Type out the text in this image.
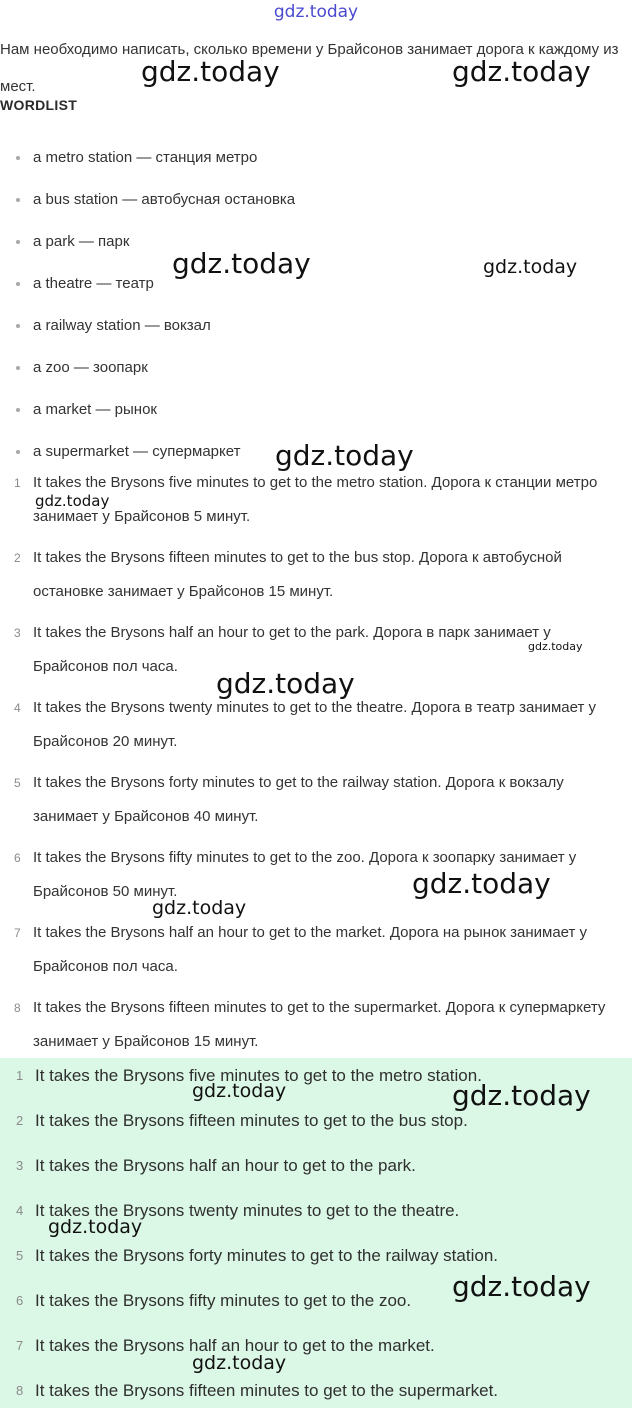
gdz.today
Нам необходимо написать, сколько времени у Брайсонов занимает дорога к каждому из мест.
WORDLIST
a metro station — станция метро
a bus station — автобусная остановка
a park — парк
a theatre — театр
a railway station — вокзал
a zoo — зоопарк
a market — рынок
a supermarket — супермаркет
1 It takes the Brysons five minutes to get to the metro station. Дорога к станции метро занимает у Брайсонов 5 минут.
2 It takes the Brysons fifteen minutes to get to the bus stop. Дорога к автобусной остановке занимает у Брайсонов 15 минут.
3 It takes the Brysons half an hour to get to the park. Дорога в парк занимает у Брайсонов пол часа.
4 It takes the Brysons twenty minutes to get to the theatre. Дорога в театр занимает у Брайсонов 20 минут.
5 It takes the Brysons forty minutes to get to the railway station. Дорога к вокзалу занимает у Брайсонов 40 минут.
6 It takes the Brysons fifty minutes to get to the zoo. Дорога к зоопарку занимает у Брайсонов 50 минут.
7 It takes the Brysons half an hour to get to the market. Дорога на рынок занимает у Брайсонов пол часа.
8 It takes the Brysons fifteen minutes to get to the supermarket. Дорога к супермаркету занимает у Брайсонов 15 минут.
1 It takes the Brysons five minutes to get to the metro station.
2 It takes the Brysons fifteen minutes to get to the bus stop.
3 It takes the Brysons half an hour to get to the park.
4 It takes the Brysons twenty minutes to get to the theatre.
5 It takes the Brysons forty minutes to get to the railway station.
6 It takes the Brysons fifty minutes to get to the zoo.
7 It takes the Brysons half an hour to get to the market.
8 It takes the Brysons fifteen minutes to get to the supermarket.
gdz.today	gdz.today
gdz.today	gdz.today
gdz.today
gdz.today
gdz.today
gdz.today
gdz.today
gdz.today
gdz.today	gdz.today
gdz.today
gdz.today
gdz.today
